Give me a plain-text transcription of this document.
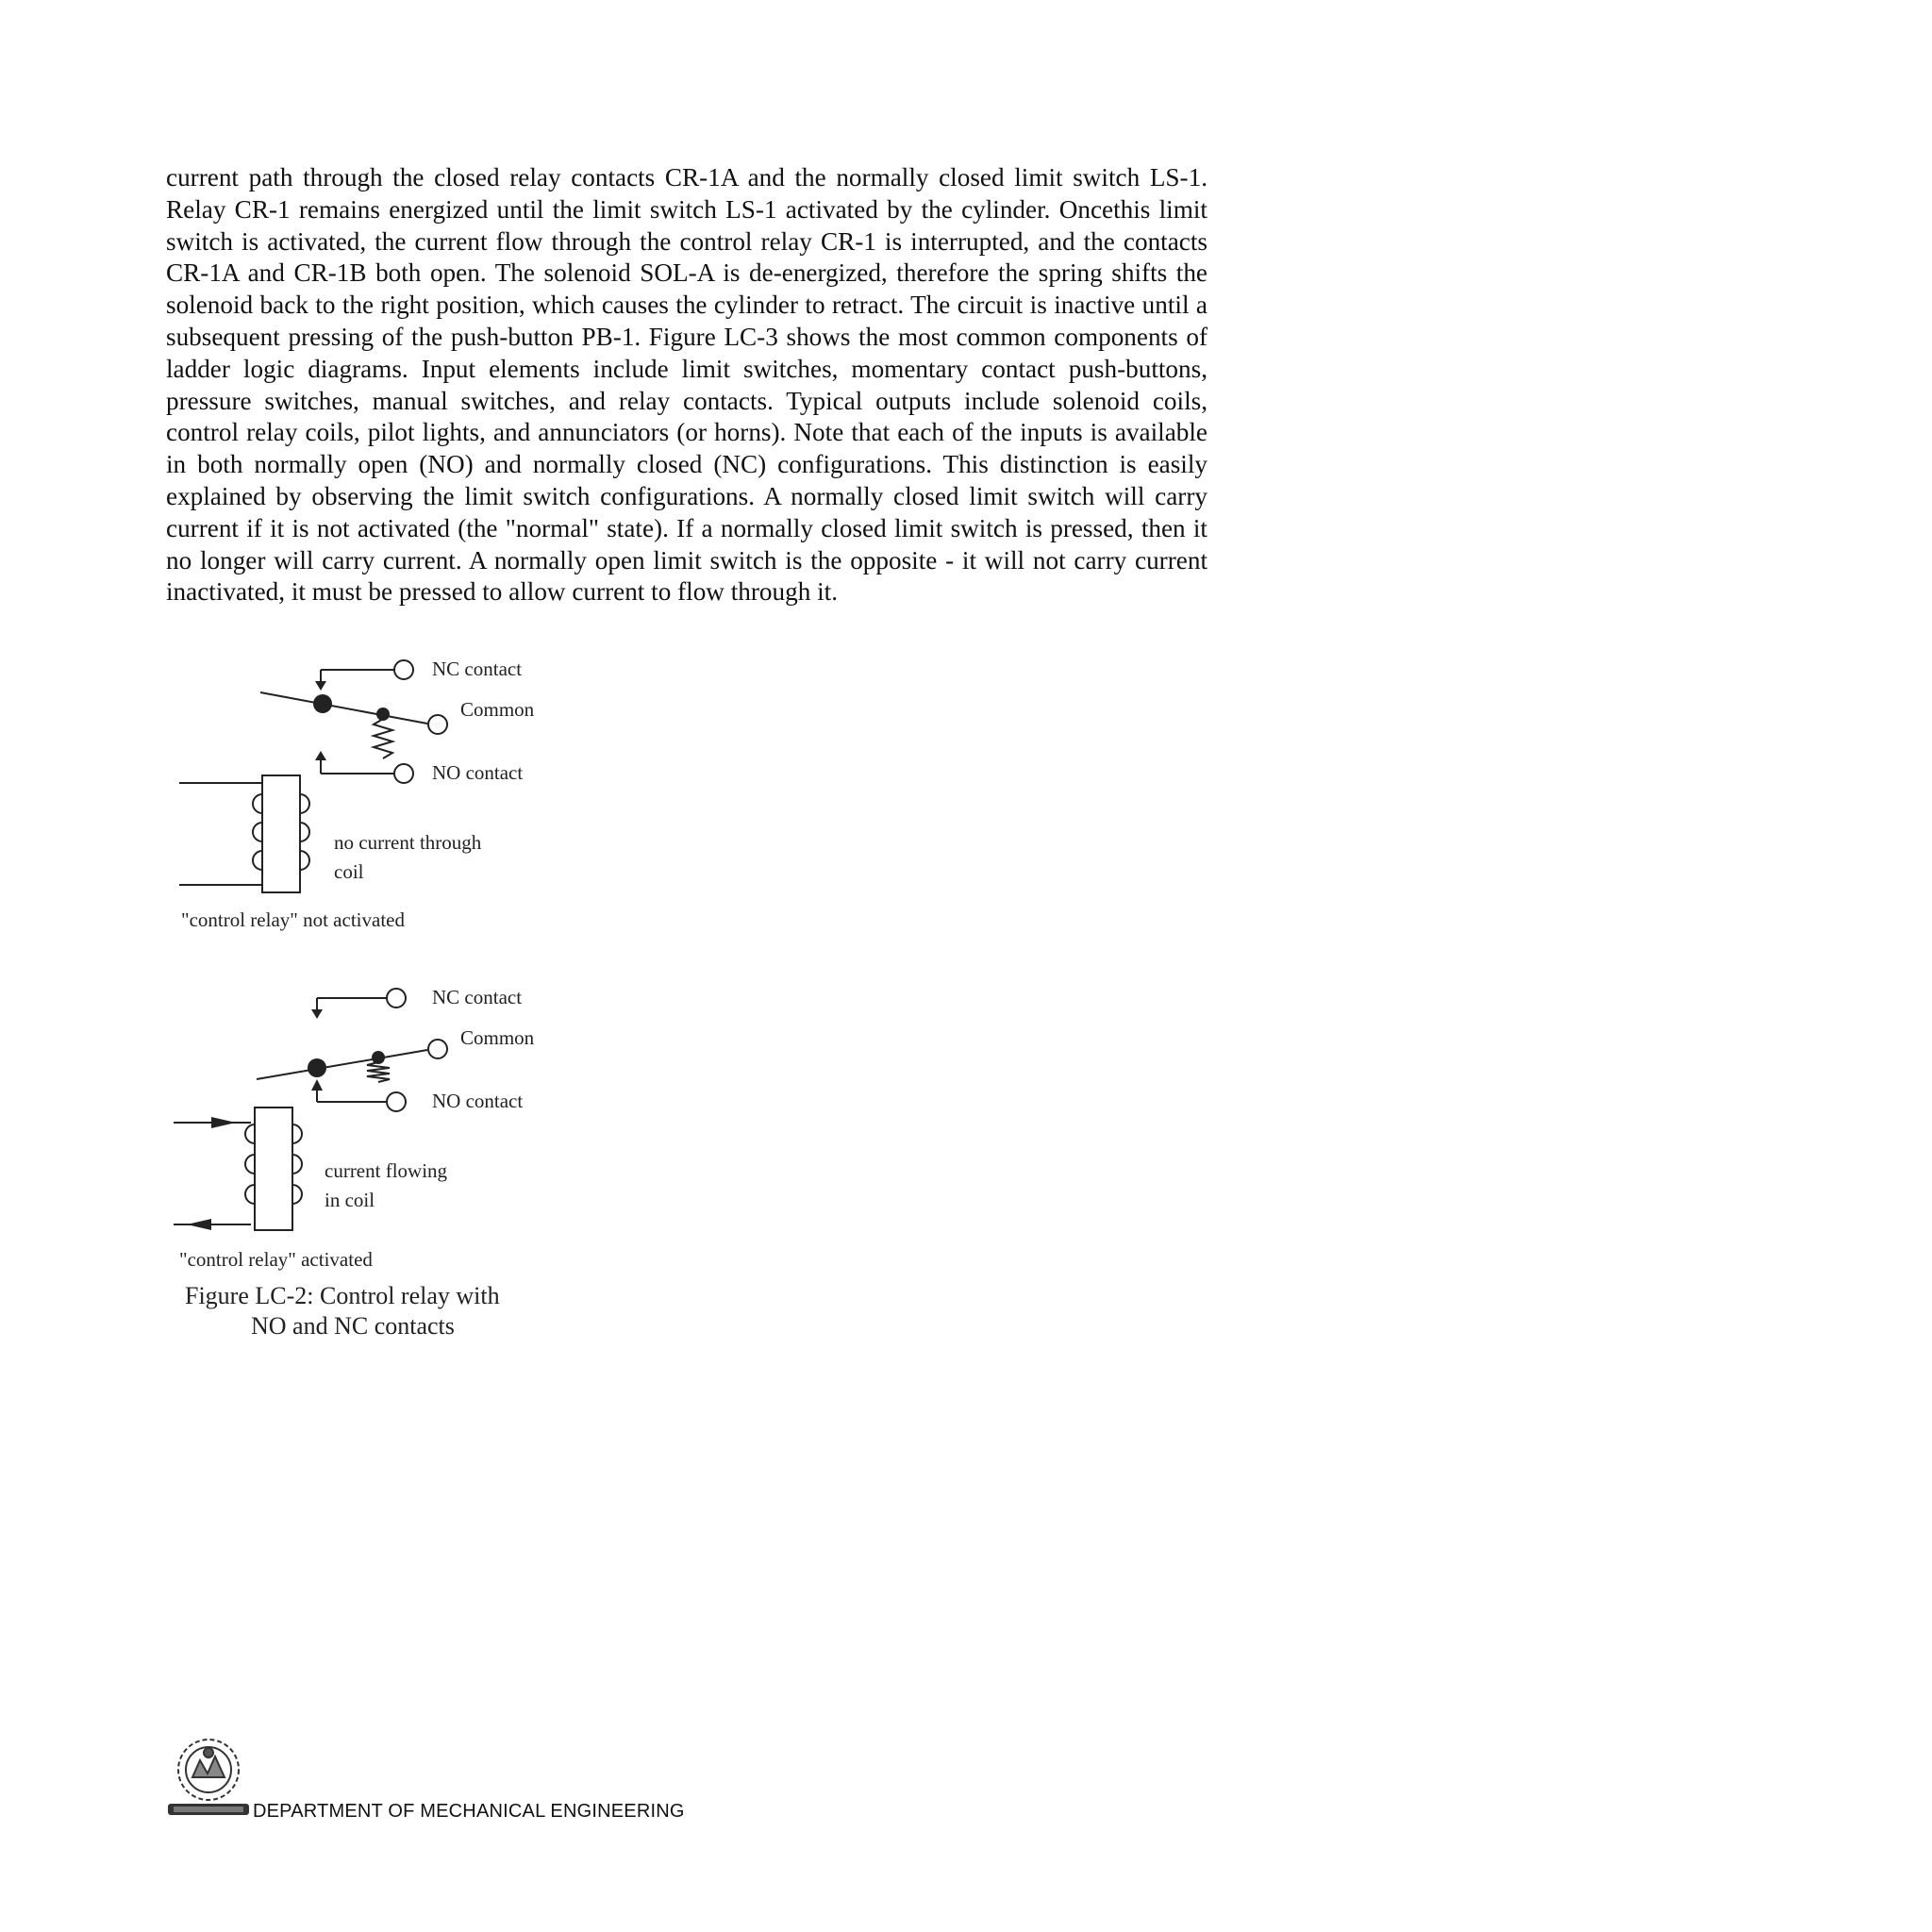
current path through the closed relay contacts CR-1A and the normally closed limit switch LS-1. Relay CR-1 remains energized until the limit switch LS-1 activated by the cylinder. Oncethis limit switch is activated, the current flow through the control relay CR-1 is interrupted, and the contacts CR-1A and CR-1B both open. The solenoid SOL-A is de-energized, therefore the spring shifts the solenoid back to the right position, which causes the cylinder to retract. The circuit is inactive until a subsequent pressing of the push-button PB-1. Figure LC-3 shows the most common components of ladder logic diagrams. Input elements include limit switches, momentary contact push-buttons, pressure switches, manual switches, and relay contacts. Typical outputs include solenoid coils, control relay coils, pilot lights, and annunciators (or horns). Note that each of the inputs is available in both normally open (NO) and normally closed (NC) configurations. This distinction is easily explained by observing the limit switch configurations. A normally closed limit switch will carry current if it is not activated (the "normal" state). If a normally closed limit switch is pressed, then it no longer will carry current. A normally open limit switch is the opposite - it will not carry current inactivated, it must be pressed to allow current to flow through it.

NC contact
Common
NO contact
no current through
coil
"control relay" not activated
NC contact
Common
NO contact
current flowing
in coil
"control relay" activated
Figure LC-2: Control relay with
NO and NC contacts
DEPARTMENT OF MECHANICAL ENGINEERING
